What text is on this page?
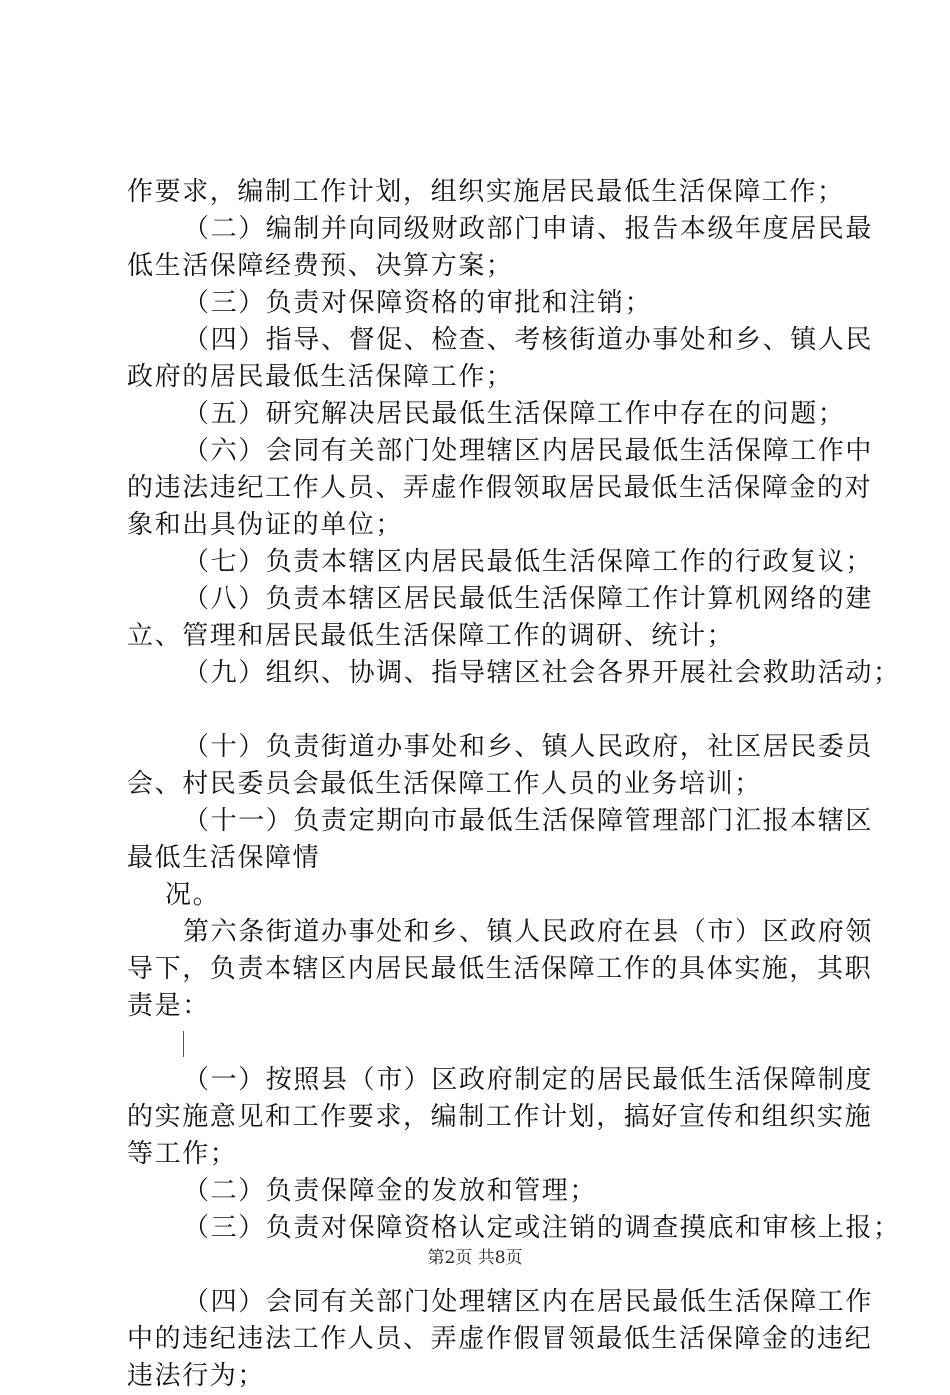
作要求，编制工作计划，组织实施居民最低生活保障工作；
（二）编制并向同级财政部门申请、报告本级年度居民最
低生活保障经费预、决算方案；
（三）负责对保障资格的审批和注销；
（四）指导、督促、检查、考核街道办事处和乡、镇人民
政府的居民最低生活保障工作；
（五）研究解决居民最低生活保障工作中存在的问题；
（六）会同有关部门处理辖区内居民最低生活保障工作中
的违法违纪工作人员、弄虚作假领取居民最低生活保障金的对
象和出具伪证的单位；
（七）负责本辖区内居民最低生活保障工作的行政复议；
（八）负责本辖区居民最低生活保障工作计算机网络的建
立、管理和居民最低生活保障工作的调研、统计；
（九）组织、协调、指导辖区社会各界开展社会救助活动；
（十）负责街道办事处和乡、镇人民政府，社区居民委员
会、村民委员会最低生活保障工作人员的业务培训；
（十一）负责定期向市最低生活保障管理部门汇报本辖区
最低生活保障情
况。
第六条街道办事处和乡、镇人民政府在县（市）区政府领
导下，负责本辖区内居民最低生活保障工作的具体实施，其职
责是：
（一）按照县（市）区政府制定的居民最低生活保障制度
的实施意见和工作要求，编制工作计划，搞好宣传和组织实施
等工作；
（二）负责保障金的发放和管理；
（三）负责对保障资格认定或注销的调查摸底和审核上报；
（四）会同有关部门处理辖区内在居民最低生活保障工作
中的违纪违法工作人员、弄虚作假冒领最低生活保障金的违纪
违法行为；
第2页 共8页
